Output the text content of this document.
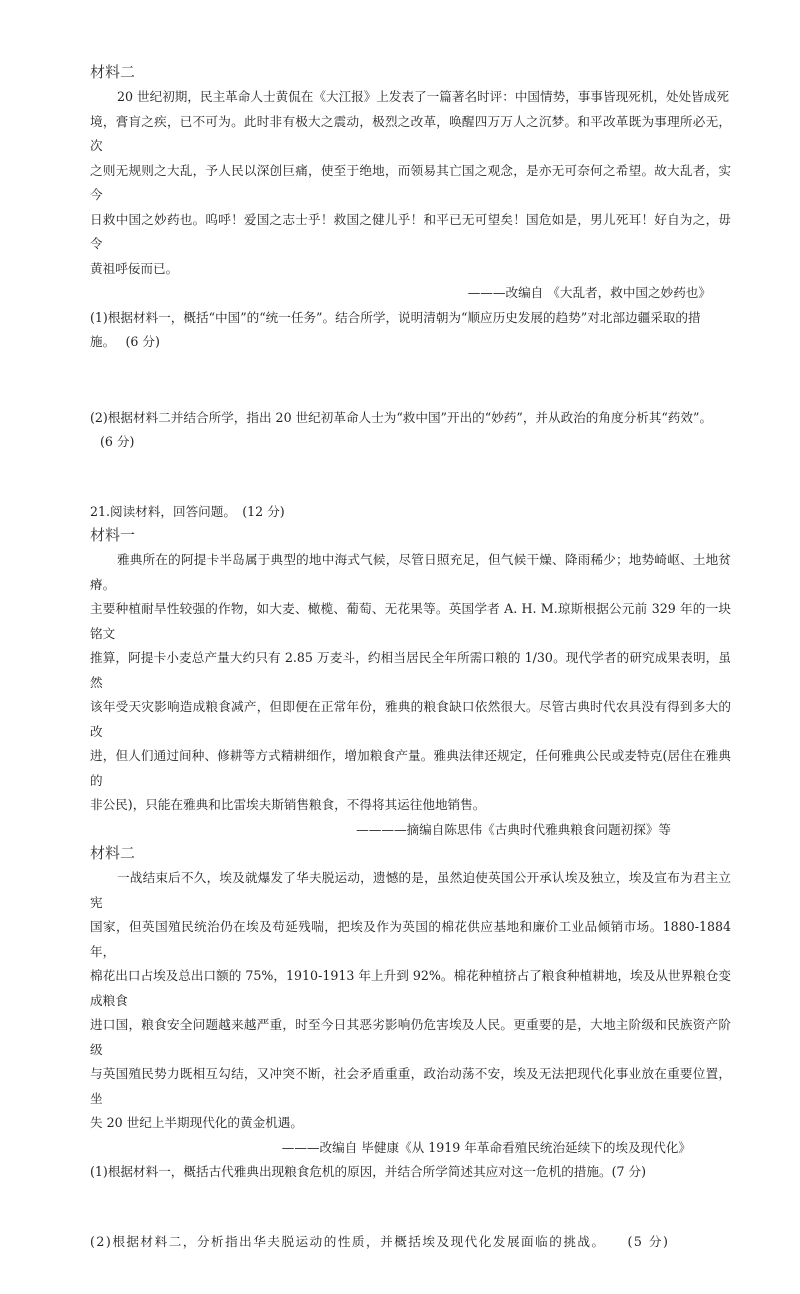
材料二
20 世纪初期，民主革命人士黄侃在《大江报》上发表了一篇著名时评：中国情势，事事皆现死机，处处皆成死
境，膏肓之疾，已不可为。此时非有极大之震动，极烈之改革，唤醒四万万人之沉梦。和平改革既为事理所必无，次
之则无规则之大乱，予人民以深创巨痛，使至于绝地，而领易其亡国之观念，是亦无可奈何之希望。故大乱者，实今
日救中国之妙药也。呜呼！爱国之志士乎！救国之健儿乎！和平已无可望矣！国危如是，男儿死耳！好自为之，毋令
黄祖呼佞而已。
———改编自 《大乱者，救中国之妙药也》
(1)根据材料一，概括“中国”的“统一任务”。结合所学，说明清朝为“顺应历史发展的趋势”对北部边疆采取的措
施。　 (6 分)
(2)根据材料二并结合所学，指出 20 世纪初革命人士为“救中国”开出的“妙药”，并从政治的角度分析其“药效”。
(6 分)
21.阅读材料，回答问题。　(12 分)
材料一
雅典所在的阿提卡半岛属于典型的地中海式气候，尽管日照充足，但气候干燥、降雨稀少；地势崎岖、土地贫瘠。
主要种植耐旱性较强的作物，如大麦、橄榄、葡萄、无花果等。英国学者 A. H. M.琼斯根据公元前 329 年的一块铭文
推算，阿提卡小麦总产量大约只有 2.85 万麦斗，约相当居民全年所需口粮的 1/30。现代学者的研究成果表明，虽然
该年受天灾影响造成粮食减产，但即便在正常年份，雅典的粮食缺口依然很大。尽管古典时代农具没有得到多大的改
进，但人们通过间种、修耕等方式精耕细作，增加粮食产量。雅典法律还规定，任何雅典公民或麦特克(居住在雅典的
非公民)，只能在雅典和比雷埃夫斯销售粮食，不得将其运往他地销售。
————摘编自陈思伟《古典时代雅典粮食问题初探》等
材料二
一战结束后不久，埃及就爆发了华夫脱运动，遗憾的是，虽然迫使英国公开承认埃及独立，埃及宣布为君主立宪
国家，但英国殖民统治仍在埃及苟延残喘，把埃及作为英国的棉花供应基地和廉价工业品倾销市场。1880-1884 年，
棉花出口占埃及总出口额的 75%，1910-1913 年上升到 92%。棉花种植挤占了粮食种植耕地，埃及从世界粮仓变成粮食
进口国，粮食安全问题越来越严重，时至今日其恶劣影响仍危害埃及人民。更重要的是，大地主阶级和民族资产阶级
与英国殖民势力既相互勾结，又冲突不断，社会矛盾重重，政治动荡不安，埃及无法把现代化事业放在重要位置，坐
失 20 世纪上半期现代化的黄金机遇。
———改编自 毕健康《从 1919 年革命看殖民统治延续下的埃及现代化》
(1)根据材料一，概括古代雅典出现粮食危机的原因，并结合所学简述其应对这一危机的措施。(7 分)
(2)根据材料二，分析指出华夫脱运动的性质，并概括埃及现代化发展面临的挑战。　　(5 分)
